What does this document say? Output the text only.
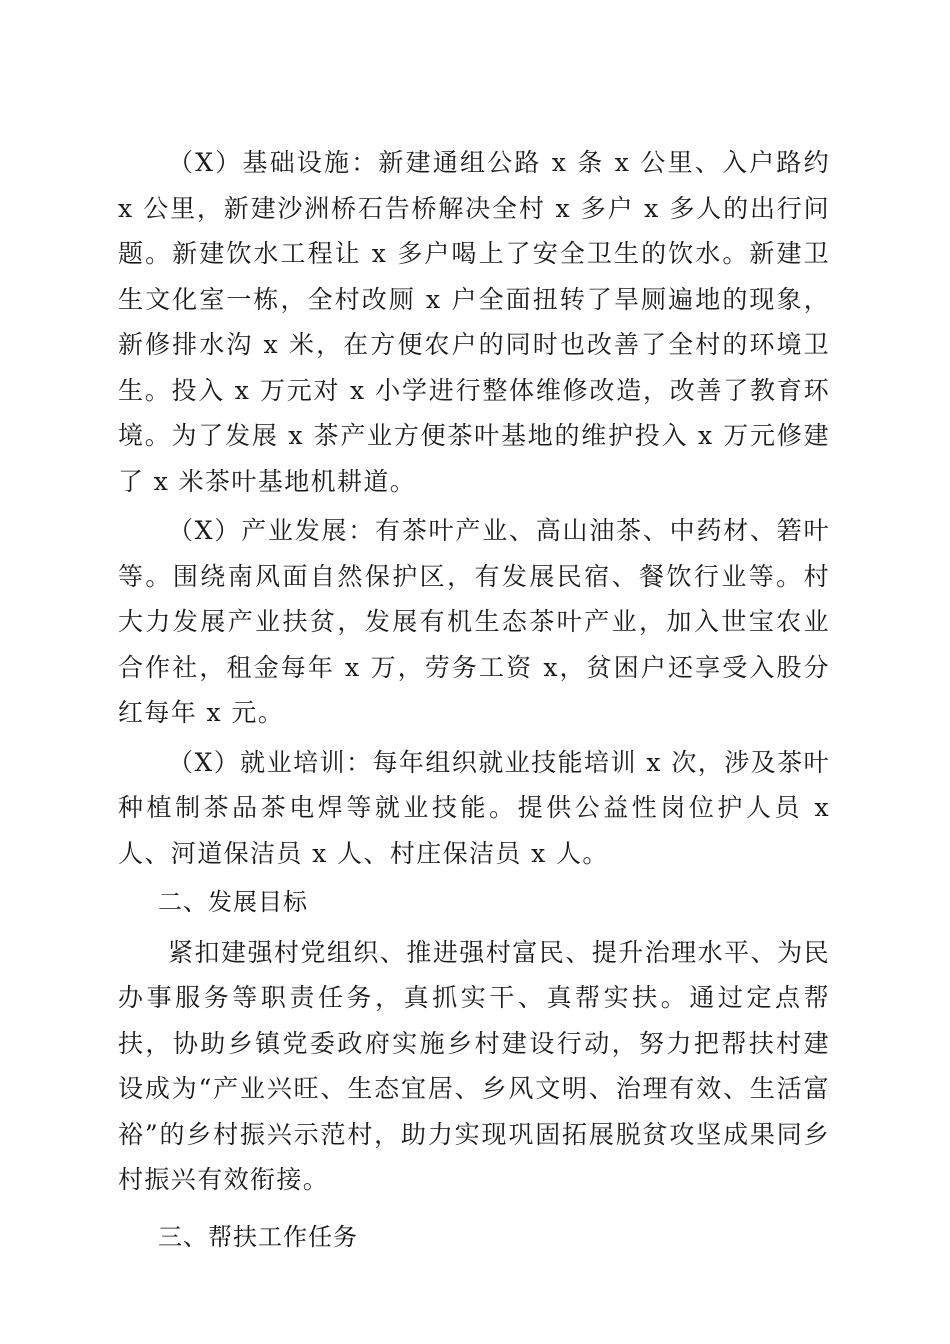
（X）基础设施：新建通组公路 x 条 x 公里、入户路约 x 公里，新建沙洲桥石告桥解决全村 x 多户 x 多人的出行问题。新建饮水工程让 x 多户喝上了安全卫生的饮水。新建卫生文化室一栋，全村改厕 x 户全面扭转了旱厕遍地的现象，新修排水沟 x 米，在方便农户的同时也改善了全村的环境卫生。投入 x 万元对 x 小学进行整体维修改造，改善了教育环境。为了发展 x 茶产业方便茶叶基地的维护投入 x 万元修建了 x 米茶叶基地机耕道。

（X）产业发展：有茶叶产业、高山油茶、中药材、箬叶等。围绕南风面自然保护区，有发展民宿、餐饮行业等。村大力发展产业扶贫，发展有机生态茶叶产业，加入世宝农业合作社，租金每年 x 万，劳务工资 x，贫困户还享受入股分红每年 x 元。

（X）就业培训：每年组织就业技能培训 x 次，涉及茶叶种植制茶品茶电焊等就业技能。提供公益性岗位护人员 x 人、河道保洁员 x 人、村庄保洁员 x 人。

二、发展目标

紧扣建强村党组织、推进强村富民、提升治理水平、为民办事服务等职责任务，真抓实干、真帮实扶。通过定点帮扶，协助乡镇党委政府实施乡村建设行动，努力把帮扶村建设成为“产业兴旺、生态宜居、乡风文明、治理有效、生活富裕”的乡村振兴示范村，助力实现巩固拓展脱贫攻坚成果同乡村振兴有效衔接。

三、帮扶工作任务
